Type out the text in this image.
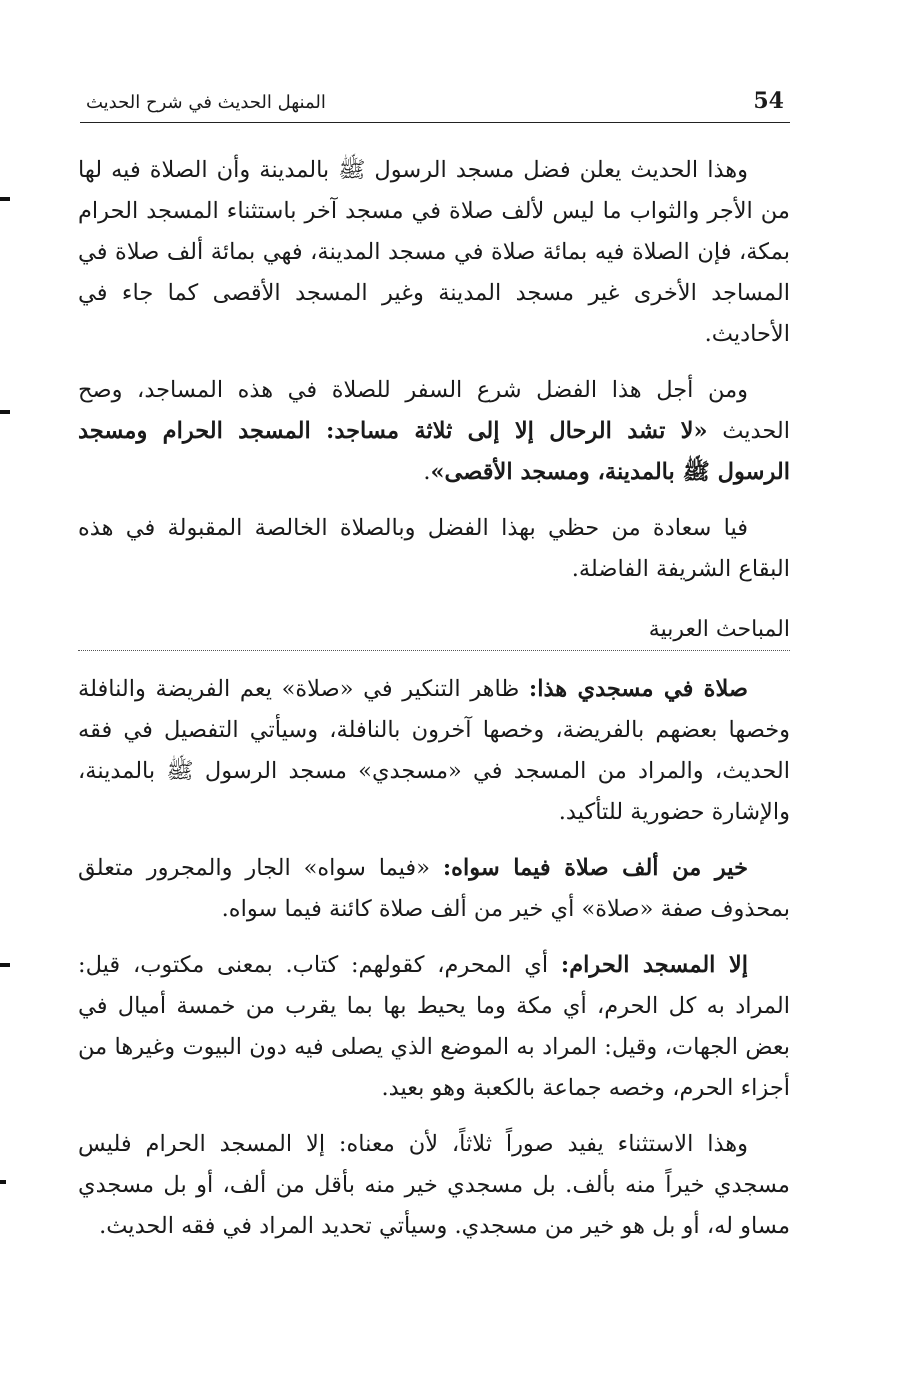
54
المنهل الحديث في شرح الحديث

وهذا الحديث يعلن فضل مسجد الرسول ﷺ بالمدينة وأن الصلاة فيه لها من الأجر والثواب ما ليس لألف صلاة في مسجد آخر باستثناء المسجد الحرام بمكة، فإن الصلاة فيه بمائة صلاة في مسجد المدينة، فهي بمائة ألف صلاة في المساجد الأخرى غير مسجد المدينة وغير المسجد الأقصى كما جاء في الأحاديث.

ومن أجل هذا الفضل شرع السفر للصلاة في هذه المساجد، وصح الحديث «لا تشد الرحال إلا إلى ثلاثة مساجد: المسجد الحرام ومسجد الرسول ﷺ بالمدينة، ومسجد الأقصى».

فيا سعادة من حظي بهذا الفضل وبالصلاة الخالصة المقبولة في هذه البقاع الشريفة الفاضلة.

المباحث العربية

صلاة في مسجدي هذا: ظاهر التنكير في «صلاة» يعم الفريضة والنافلة وخصها بعضهم بالفريضة، وخصها آخرون بالنافلة، وسيأتي التفصيل في فقه الحديث، والمراد من المسجد في «مسجدي» مسجد الرسول ﷺ بالمدينة، والإشارة حضورية للتأكيد.

خير من ألف صلاة فيما سواه: «فيما سواه» الجار والمجرور متعلق بمحذوف صفة «صلاة» أي خير من ألف صلاة كائنة فيما سواه.

إلا المسجد الحرام: أي المحرم، كقولهم: كتاب. بمعنى مكتوب، قيل: المراد به كل الحرم، أي مكة وما يحيط بها بما يقرب من خمسة أميال في بعض الجهات، وقيل: المراد به الموضع الذي يصلى فيه دون البيوت وغيرها من أجزاء الحرم، وخصه جماعة بالكعبة وهو بعيد.

وهذا الاستثناء يفيد صوراً ثلاثاً، لأن معناه: إلا المسجد الحرام فليس مسجدي خيراً منه بألف. بل مسجدي خير منه بأقل من ألف، أو بل مسجدي مساو له، أو بل هو خير من مسجدي. وسيأتي تحديد المراد في فقه الحديث.
